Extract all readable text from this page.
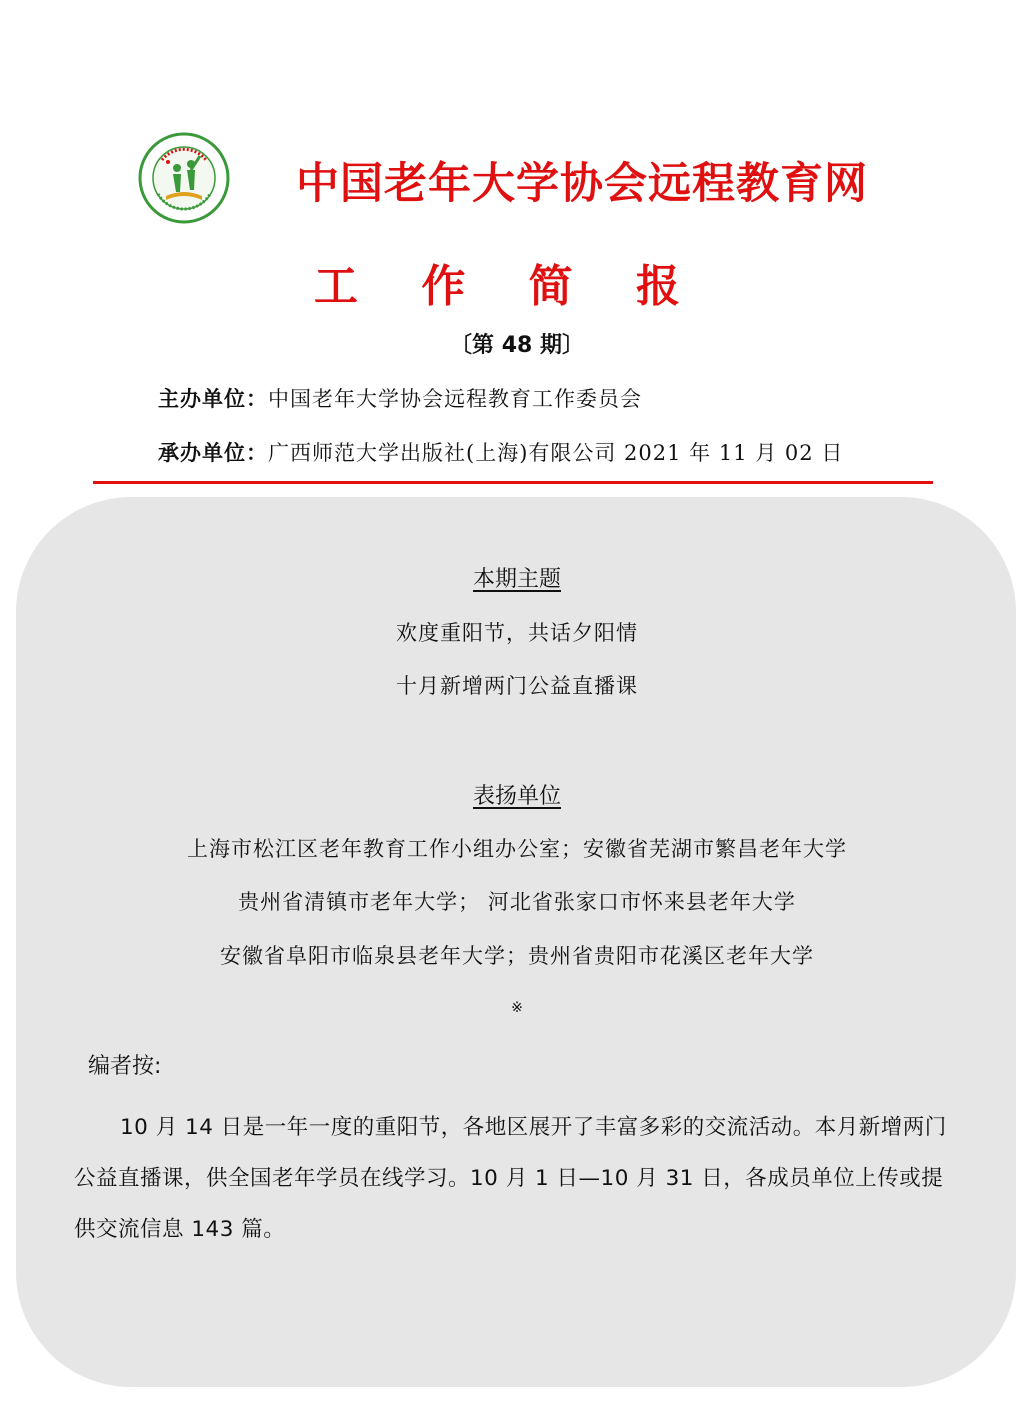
中国老年大学协会远程教育网
工 作 简 报
〔第 48 期〕
主办单位：中国老年大学协会远程教育工作委员会
承办单位：广西师范大学出版社(上海)有限公司 2021 年 11 月 02 日
本期主题
欢度重阳节，共话夕阳情
十月新增两门公益直播课
表扬单位
上海市松江区老年教育工作小组办公室；安徽省芜湖市繁昌老年大学
贵州省清镇市老年大学； 河北省张家口市怀来县老年大学
安徽省阜阳市临泉县老年大学；贵州省贵阳市花溪区老年大学
※
编者按:
10 月 14 日是一年一度的重阳节，各地区展开了丰富多彩的交流活动。本月新增两门公益直播课，供全国老年学员在线学习。10 月 1 日—10 月 31 日，各成员单位上传或提供交流信息 143 篇。
